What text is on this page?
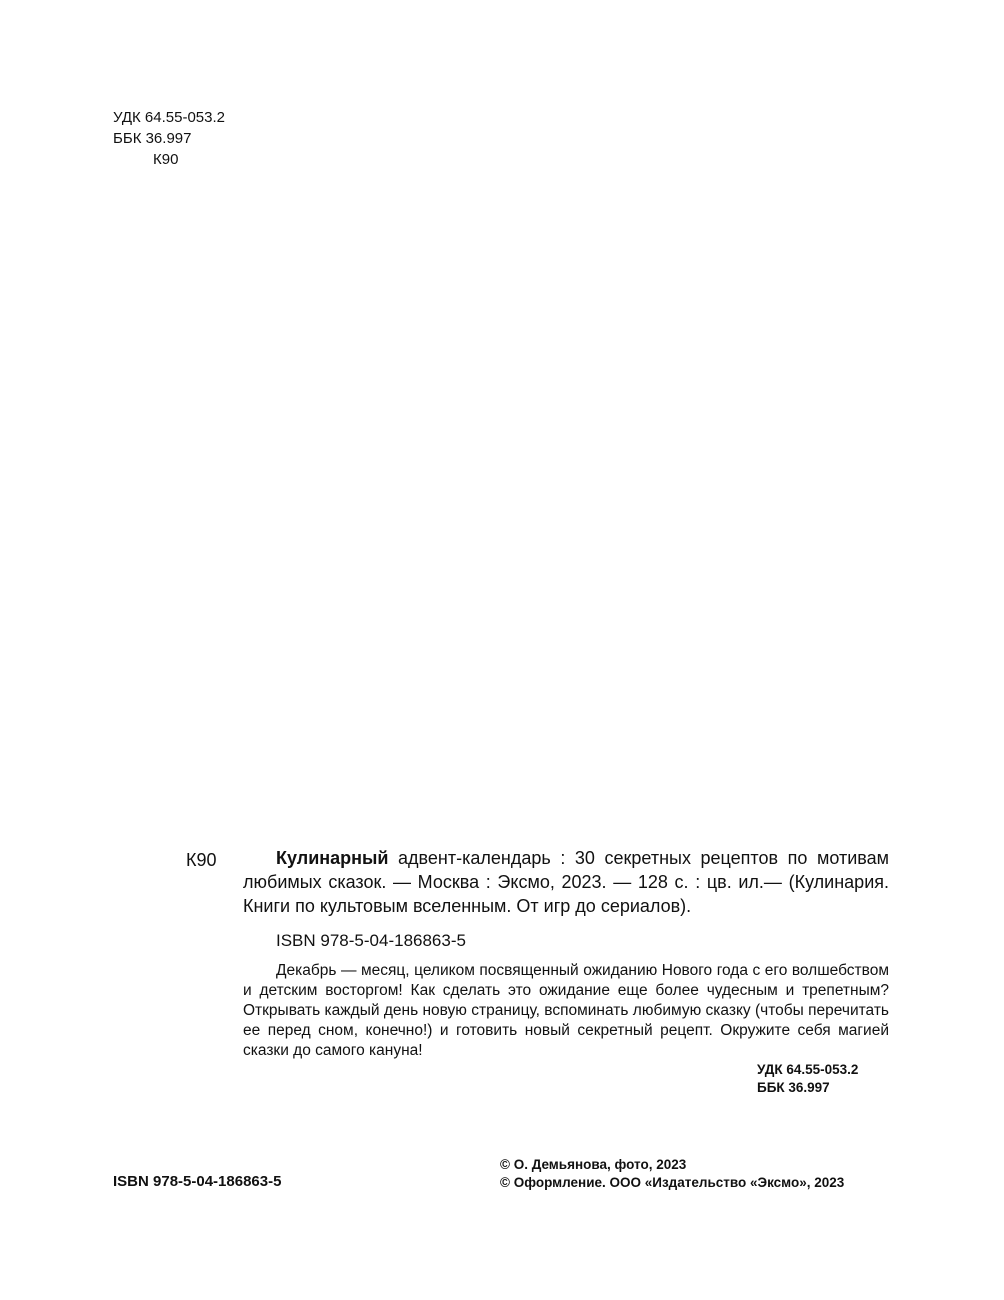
УДК 64.55-053.2
ББК 36.997
К90
К90	Кулинарный адвент-календарь : 30 секретных рецептов по мотивам любимых сказок. — Москва : Эксмо, 2023. — 128 с. : цв. ил.— (Кулинария. Книги по культовым вселенным. От игр до сериалов).

ISBN 978-5-04-186863-5

Декабрь — месяц, целиком посвященный ожиданию Нового года с его волшебством и детским восторгом! Как сделать это ожидание еще более чудесным и трепетным? Открывать каждый день новую страницу, вспоминать любимую сказку (чтобы перечитать ее перед сном, конечно!) и готовить новый секретный рецепт. Окружите себя магией сказки до самого кануна!

УДК 64.55-053.2
ББК 36.997
ISBN 978-5-04-186863-5
© О. Демьянова, фото, 2023
© Оформление. ООО «Издательство «Эксмо», 2023
